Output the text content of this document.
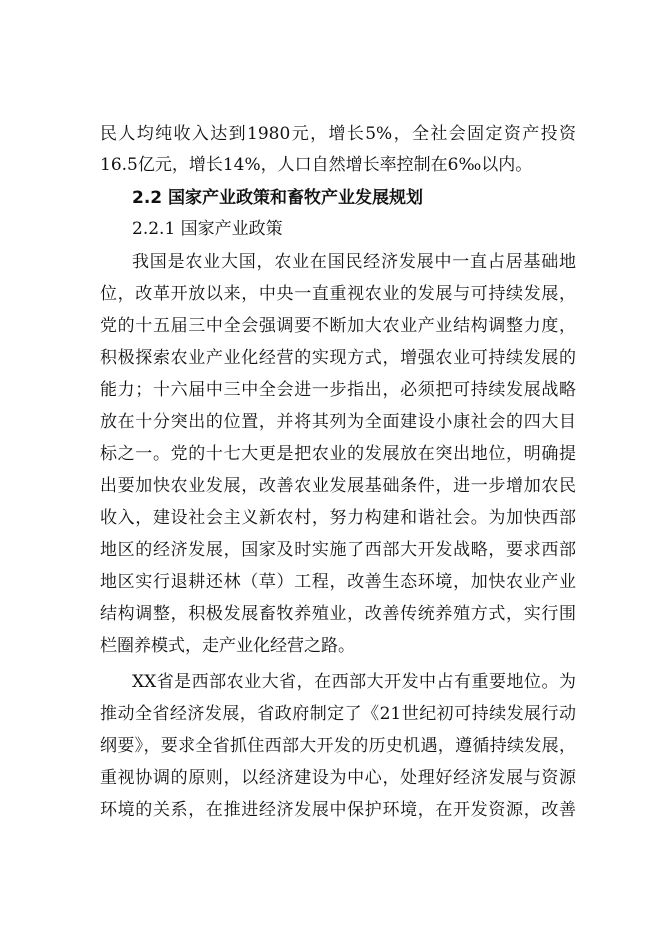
民人均纯收入达到1980元，增长5%，全社会固定资产投资
16.5亿元，增长14%，人口自然增长率控制在6‰以内。
2.2 国家产业政策和畜牧产业发展规划
2.2.1 国家产业政策
我国是农业大国，农业在国民经济发展中一直占居基础地
位，改革开放以来，中央一直重视农业的发展与可持续发展，
党的十五届三中全会强调要不断加大农业产业结构调整力度，
积极探索农业产业化经营的实现方式，增强农业可持续发展的
能力；十六届中三中全会进一步指出，必须把可持续发展战略
放在十分突出的位置，并将其列为全面建设小康社会的四大目
标之一。党的十七大更是把农业的发展放在突出地位，明确提
出要加快农业发展，改善农业发展基础条件，进一步增加农民
收入，建设社会主义新农村，努力构建和谐社会。为加快西部
地区的经济发展，国家及时实施了西部大开发战略，要求西部
地区实行退耕还林（草）工程，改善生态环境，加快农业产业
结构调整，积极发展畜牧养殖业，改善传统养殖方式，实行围
栏圈养模式，走产业化经营之路。
XX省是西部农业大省，在西部大开发中占有重要地位。为
推动全省经济发展，省政府制定了《21世纪初可持续发展行动
纲要》，要求全省抓住西部大开发的历史机遇，遵循持续发展，
重视协调的原则，以经济建设为中心，处理好经济发展与资源
环境的关系，在推进经济发展中保护环境，在开发资源，改善
